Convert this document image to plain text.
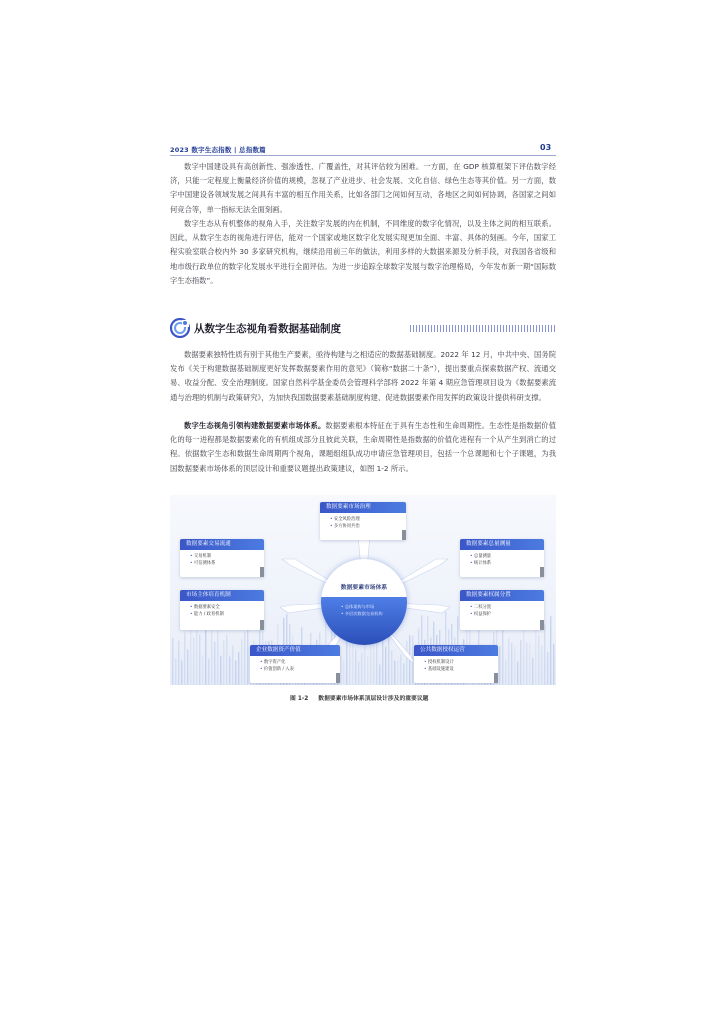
2023 数字生态指数 | 总指数篇	03

数字中国建设具有高创新性、强渗透性、广覆盖性，对其评估较为困难。一方面，在 GDP 核算框架下评估数字经济，只能一定程度上衡量经济价值的规模，忽视了产业进步、社会发展、文化自信、绿色生态等其价值。另一方面，数字中国建设各领域发展之间具有丰富的相互作用关系，比如各部门之间如何互动，各地区之间如何协调，各国家之间如何竞合等，单一指标无法全面刻画。

数字生态从有机整体的视角入手，关注数字发展的内在机制，不同维度的数字化情况，以及主体之间的相互联系。因此，从数字生态的视角进行评估，能对一个国家或地区数字化发展实现更加全面、丰富、具体的刻画。今年，国家工程实验室联合校内外 30 多家研究机构，继续沿用前三年的做法，利用多样的大数据来源及分析手段，对我国各省级和地市级行政单位的数字化发展水平进行全面评估。为进一步追踪全球数字发展与数字治理格局，今年发布新一期“国际数字生态指数”。

从数字生态视角看数据基础制度

数据要素独特性质有别于其他生产要素，亟待构建与之相适应的数据基础制度。2022 年 12 月，中共中央、国务院发布《关于构建数据基础制度更好发挥数据要素作用的意见》（简称“数据二十条”），提出要重点探索数据产权、流通交易、收益分配、安全治理制度。国家自然科学基金委员会管理科学部将 2022 年第 4 期应急管理项目设为《数据要素流通与治理的机制与政策研究》，为加快我国数据要素基础制度构建、促进数据要素作用发挥的政策设计提供科研支撑。

数字生态视角引领构建数据要素市场体系。数据要素根本特征在于具有生态性和生命周期性。生态性是指数据价值化的每一进程都是数据要素化的有机组成部分且彼此关联，生命周期性是指数据的价值化进程有一个从产生到消亡的过程。依据数字生态和数据生命周期两个视角，课题组组队成功申请应急管理项目，包括一个总课题和七个子课题，为我国数据要素市场体系的顶层设计和重要议题提出政策建议，如图 1-2 所示。

数据要素市场体系
• 总体架构与市场
• 多层次数据交易机构
数据要素市场治理
• 安全风险治理
• 多方协同共治
数据要素交易流通
• 交易机制
• 可信测体系
市场主体培育机制
• 数据要素安全
• 能力 / 政育机制
企业数据资产价值
• 数字资产化
• 价值创新 / 入表
公共数据授权运营
• 授权机制设计
• 基础设施建设
数据要素总量测量
• 总量测量
• 统计体系
数据要素权属分置
• 二权分置
• 权益保护
图 1-2 数据要素市场体系顶层设计涉及的重要议题
